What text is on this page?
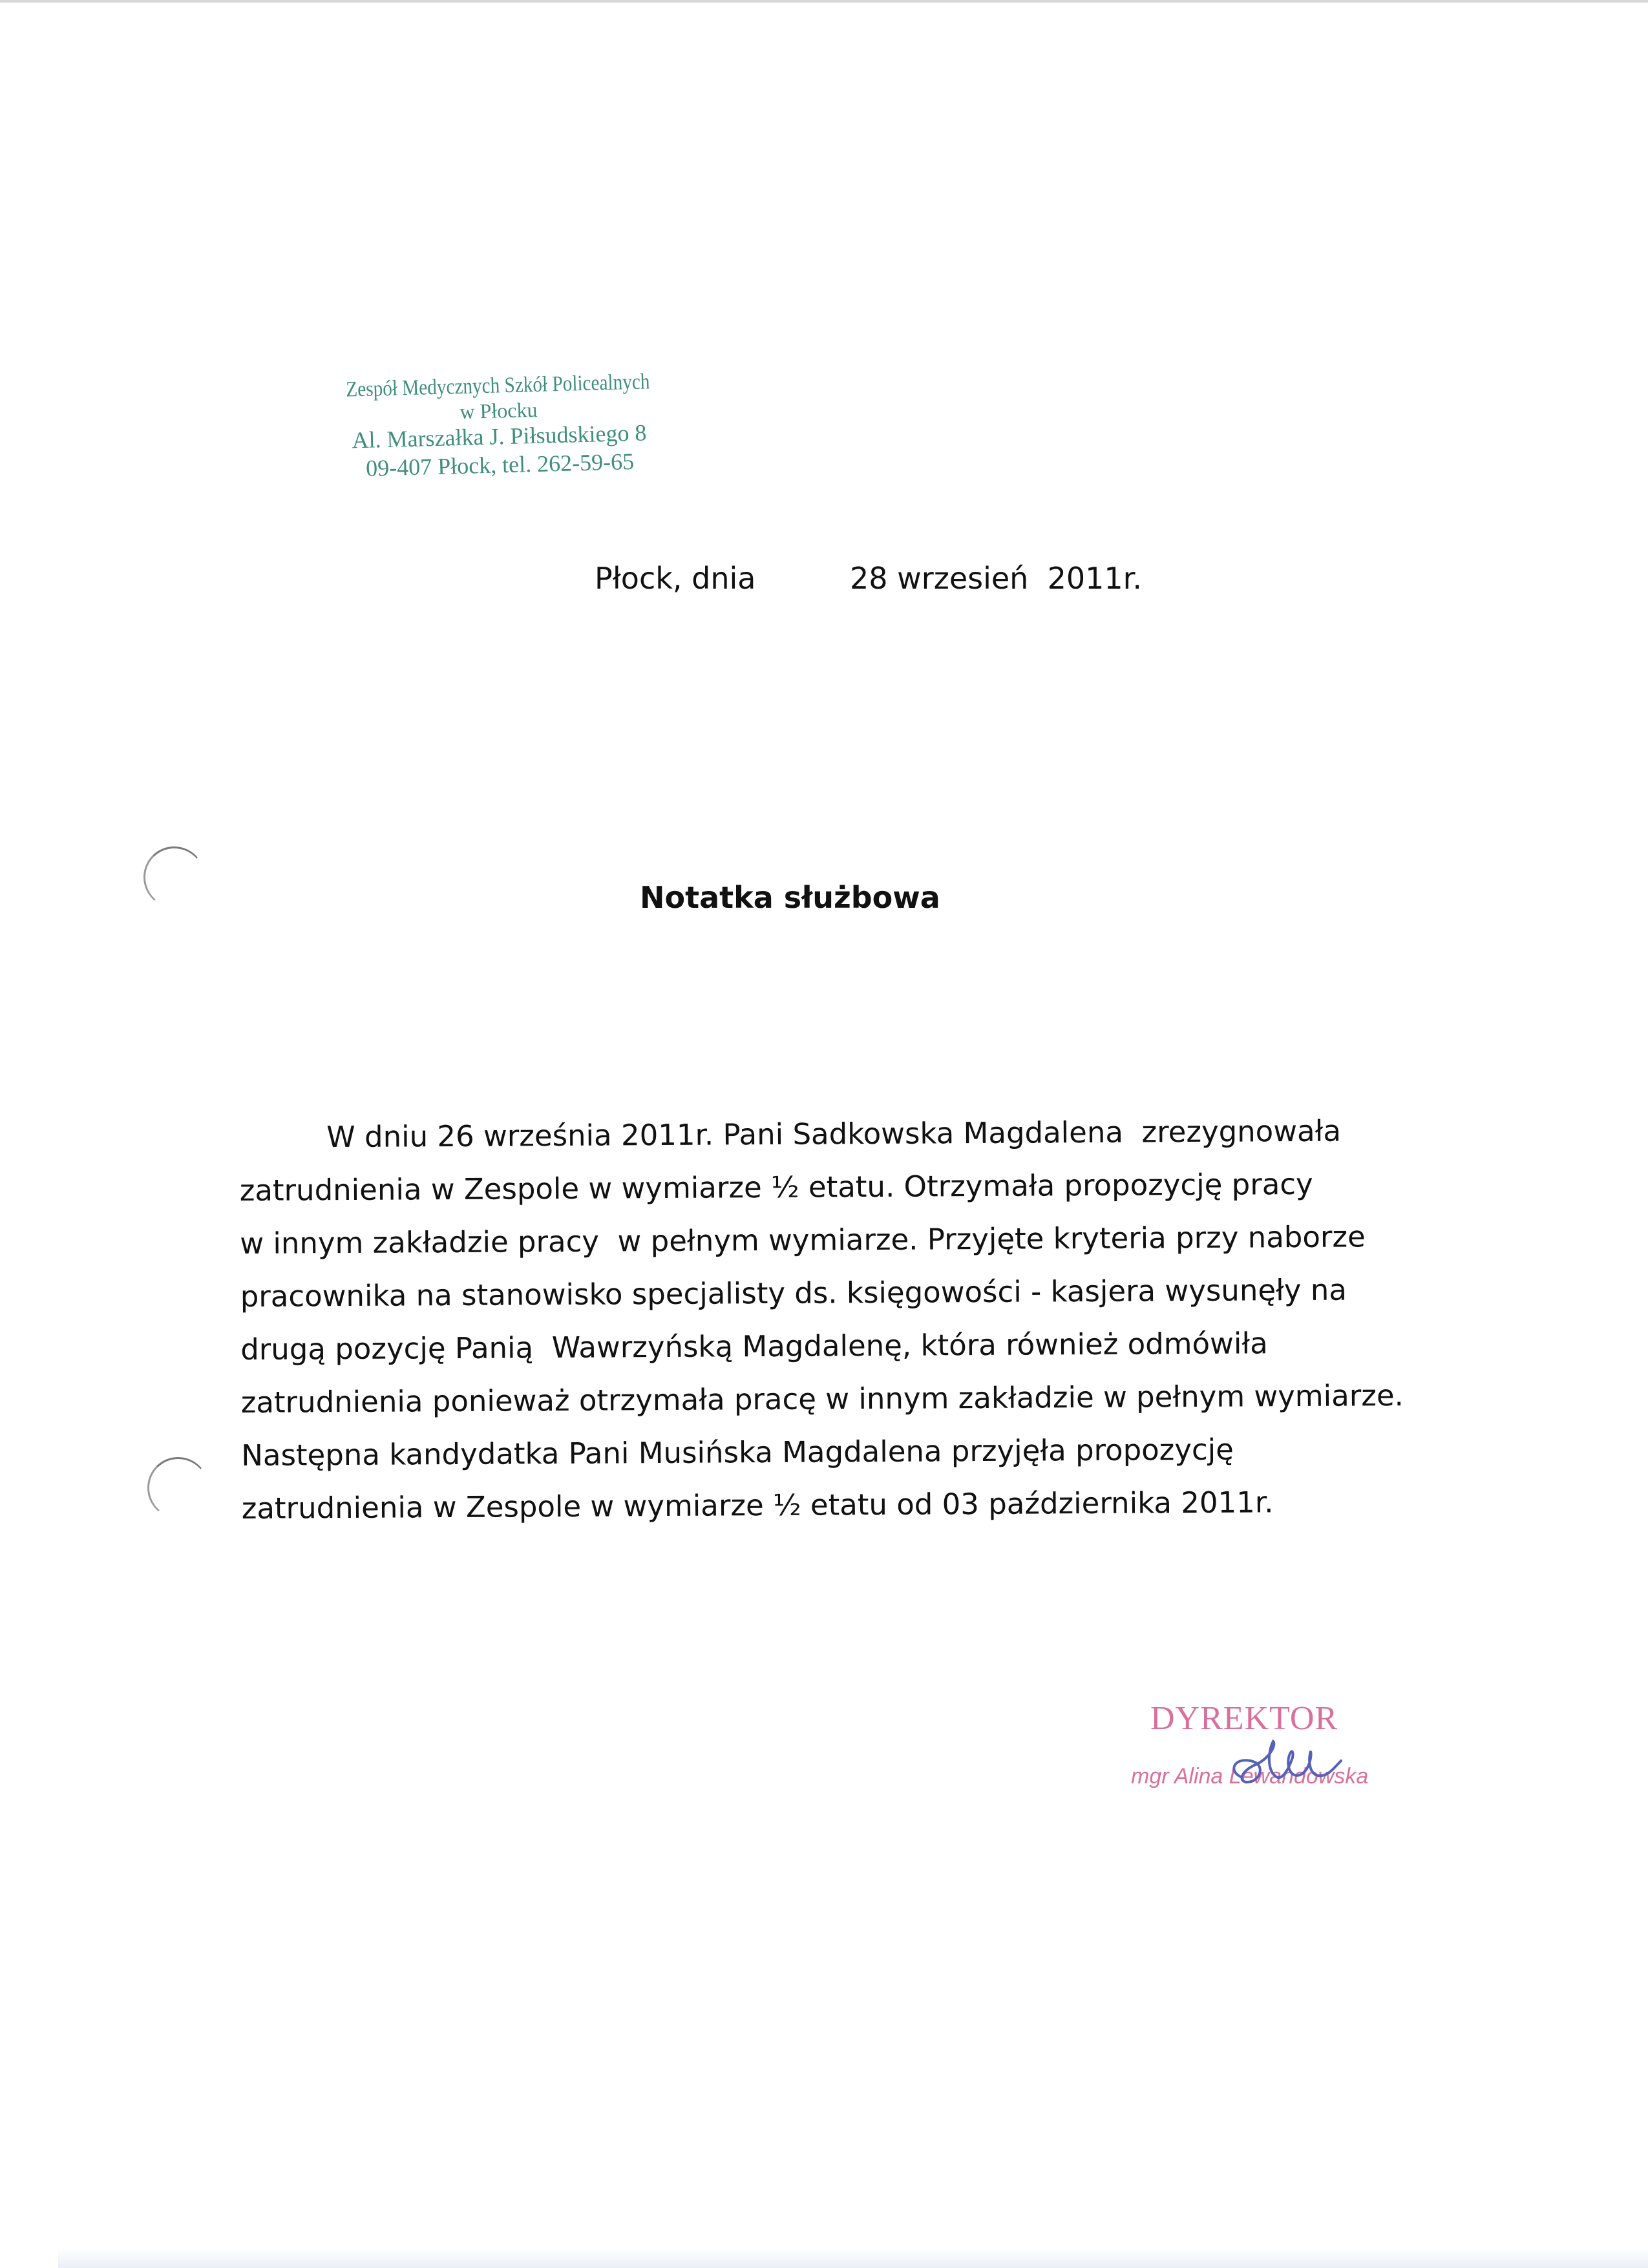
Zespół Medycznych Szkół Policealnych
w Płocku
Al. Marszałka J. Piłsudskiego 8
09-407 Płock, tel. 262-59-65
Płock, dnia	28 wrzesień  2011r.
Notatka służbowa
W dniu 26 września 2011r. Pani Sadkowska Magdalena  zrezygnowała
zatrudnienia w Zespole w wymiarze ½ etatu. Otrzymała propozycję pracy
w innym zakładzie pracy  w pełnym wymiarze. Przyjęte kryteria przy naborze
pracownika na stanowisko specjalisty ds. księgowości - kasjera wysunęły na
drugą pozycję Panią  Wawrzyńską Magdalenę, która również odmówiła
zatrudnienia ponieważ otrzymała pracę w innym zakładzie w pełnym wymiarze.
Następna kandydatka Pani Musińska Magdalena przyjęła propozycję
zatrudnienia w Zespole w wymiarze ½ etatu od 03 października 2011r.
DYREKTOR
mgr Alina Lewandowska
